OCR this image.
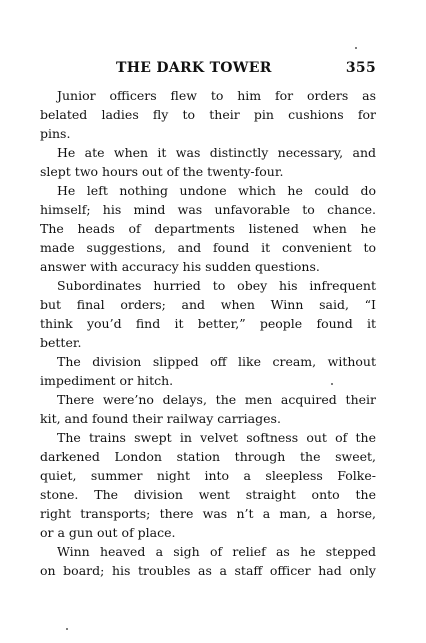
THE DARK TOWER	355
Junior officers flew to him for orders as
belated ladies fly to their pin cushions for
pins.
He ate when it was distinctly necessary, and
slept two hours out of the twenty-four.
He left nothing undone which he could do
himself; his mind was unfavorable to chance.
The heads of departments listened when he
made suggestions, and found it convenient to
answer with accuracy his sudden questions.
Subordinates hurried to obey his infrequent
but final orders; and when Winn said, “I
think you’d find it better,” people found it
better.
The division slipped off like cream, without
impediment or hitch.
There were’no delays, the men acquired their
kit, and found their railway carriages.
The trains swept in velvet softness out of the
darkened London station through the sweet,
quiet, summer night into a sleepless Folke-
stone. The division went straight onto the
right transports; there was n’t a man, a horse,
or a gun out of place.
Winn heaved a sigh of relief as he stepped
on board; his troubles as a staff officer had only
